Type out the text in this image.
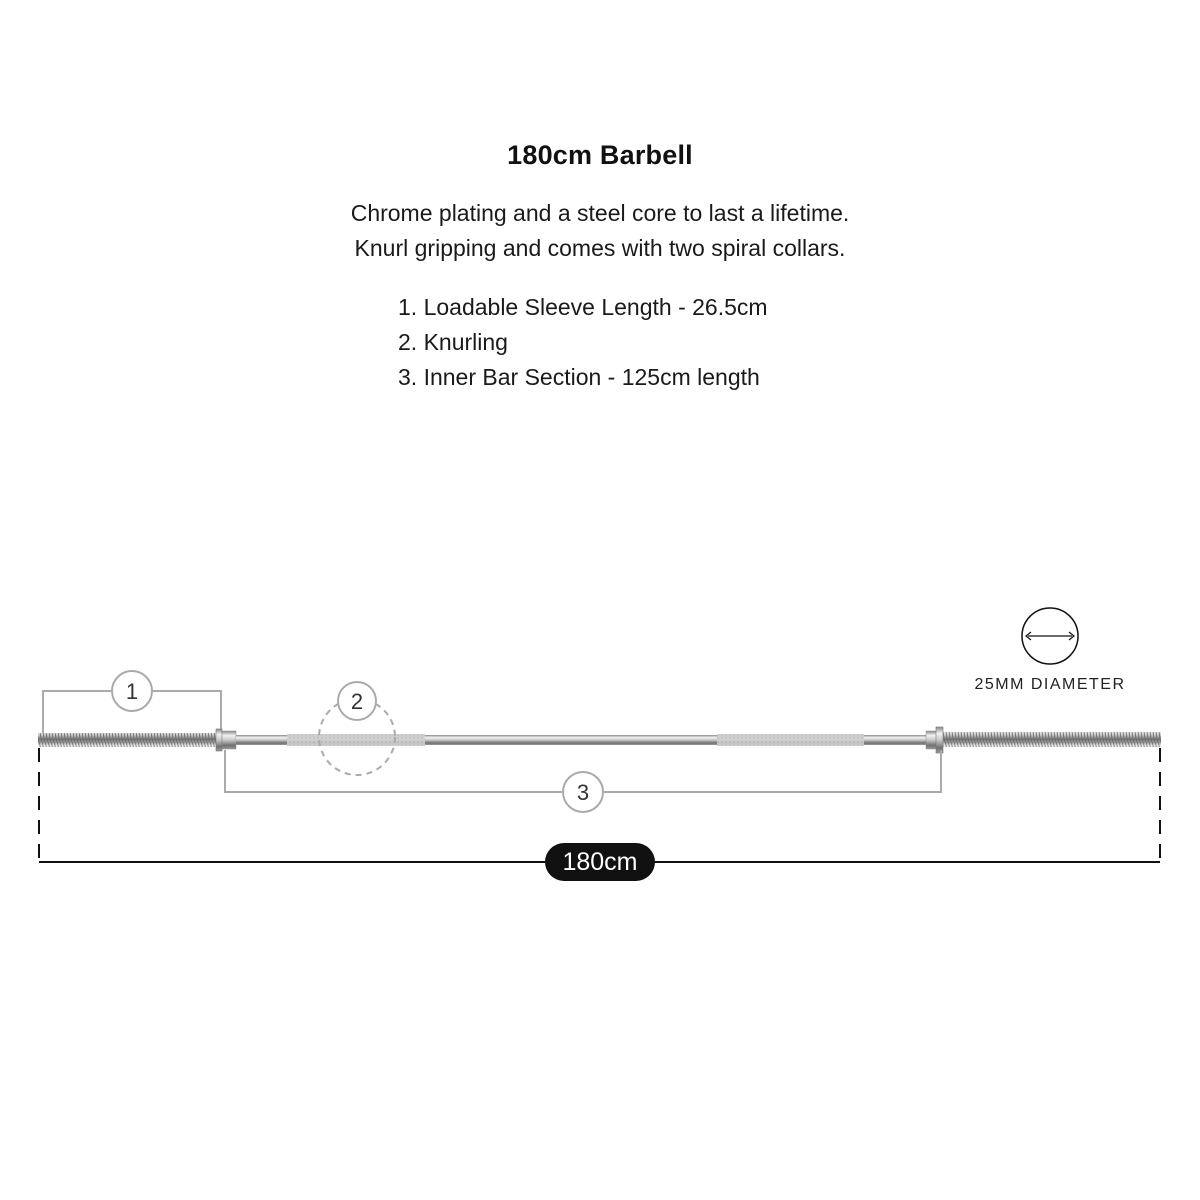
180cm Barbell
Chrome plating and a steel core to last a lifetime.
Knurl gripping and comes with two spiral collars.
1. Loadable Sleeve Length - 26.5cm
2. Knurling
3. Inner Bar Section - 125cm length
1	2
3
25MM DIAMETER
180cm
